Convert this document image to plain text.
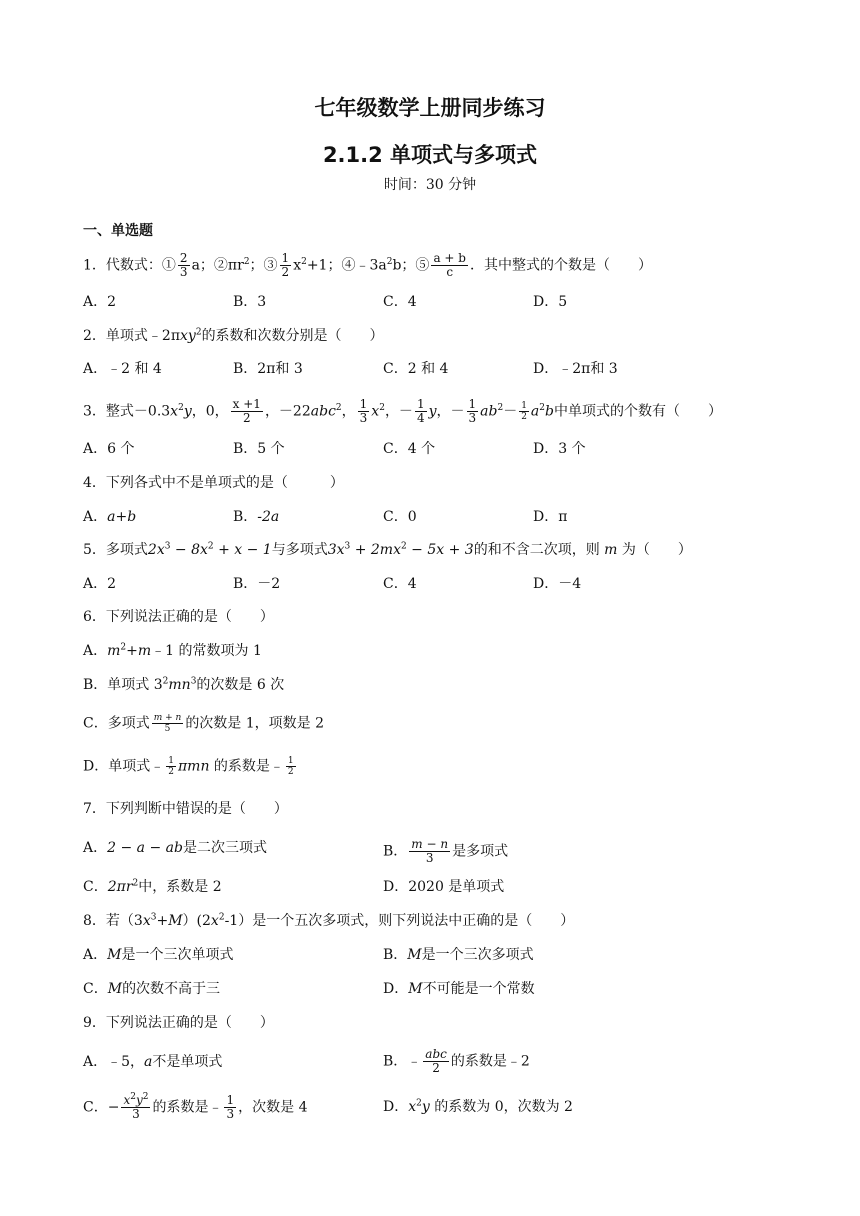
七年级数学上册同步练习
2.1.2 单项式与多项式
时间：30 分钟
一、单选题
1．代数式：① $\frac{2}{3}$ a；$②\pi r^2$；③ $\frac{1}{2} x^2+1$；$④﹣3a^2b$；⑤ $\frac{a + b}{c}$ ．其中整式的个数是（　　）
A．2	B．3	C．4	D．5
2．单项式﹣2πxy$^2$的系数和次数分别是（　　）
A．﹣2 和 4	B．2π和 3	C．2 和 4	D．﹣2π和 3
3．整式$-0.3x^2y$，0， $\frac{x +1}{2}$ ，－22abc$^2$， $\frac{1}{3} x^2$，－ $\frac{1}{4}$ y，－ $\frac{1}{3} ab^2- \frac{1}{2} a^2b$中单项式的个数有（　　）
A．6 个	B．5 个	C．4 个	D．3 个
4．下列各式中不是单项式的是（　　　）
A．a+b	B．-2a	C．0	D．π
5．多项式$2x^3 - 8x^2 + x - 1$与多项式$3x^3 + 2mx^2 - 5x + 3$的和不含二次项，则 m 为（　　）
A．2	B．－2	C．4	D．－4
6．下列说法正确的是（　　）
A．$m^2+m﹣1$ 的常数项为 1
B．单项式 $3^2mn^3$的次数是 6 次
C．多项式 $\frac{m + n}{5}$ 的次数是 1，项数是 2
D．单项式﹣ $\frac{1}{2}$ πmn 的系数是﹣ $\frac{1}{2}$
7．下列判断中错误的是（　　）
A．2 − a − ab是二次三项式	B． $\frac{m - n}{3}$ 是多项式
C．$2\pi r^2$中，系数是 2	D．2020 是单项式
8．若$(3x^3+M)(2x^2-1)$是一个五次多项式，则下列说法中正确的是（　　）
A．M是一个三次单项式	B．M是一个三次多项式
C．M的次数不高于三	D．M不可能是一个常数
9．下列说法正确的是（　　）
A．﹣5，a不是单项式	B．﹣ $\frac{\text{abc}}{2}$ 的系数是﹣2
C．− $\frac{x^2y^2}{3}$ 的系数是﹣ $\frac{1}{3}$ ，次数是 4	D．$x^2y$ 的系数为 0，次数为 2
